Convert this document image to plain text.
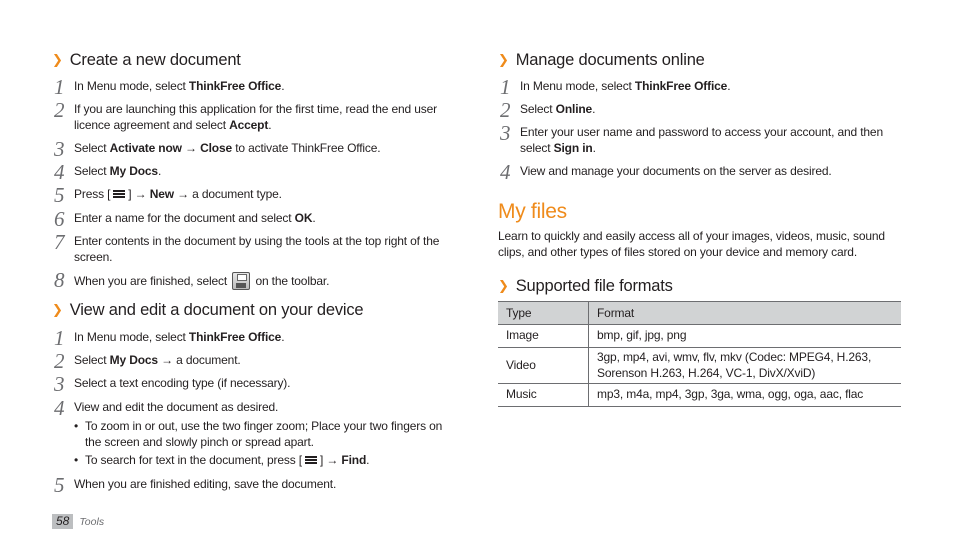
❯ Create a new document
1 In Menu mode, select ThinkFree Office.
2 If you are launching this application for the first time, read the end user licence agreement and select Accept.
3 Select Activate now → Close to activate ThinkFree Office.
4 Select My Docs.
5 Press [ ] → New → a document type.
6 Enter a name for the document and select OK.
7 Enter contents in the document by using the tools at the top right of the screen.
8 When you are finished, select  on the toolbar.
❯ View and edit a document on your device
1 In Menu mode, select ThinkFree Office.
2 Select My Docs → a document.
3 Select a text encoding type (if necessary).
4 View and edit the document as desired.
• To zoom in or out, use the two finger zoom; Place your two fingers on the screen and slowly pinch or spread apart.
• To search for text in the document, press [ ] → Find.
5 When you are finished editing, save the document.
❯ Manage documents online
1 In Menu mode, select ThinkFree Office.
2 Select Online.
3 Enter your user name and password to access your account, and then select Sign in.
4 View and manage your documents on the server as desired.
My files
Learn to quickly and easily access all of your images, videos, music, sound clips, and other types of files stored on your device and memory card.
❯ Supported file formats
Type	Format
Image	bmp, gif, jpg, png
Video	3gp, mp4, avi, wmv, flv, mkv (Codec: MPEG4, H.263, Sorenson H.263, H.264, VC-1, DivX/XviD)
Music	mp3, m4a, mp4, 3gp, 3ga, wma, ogg, oga, aac, flac
58 Tools
